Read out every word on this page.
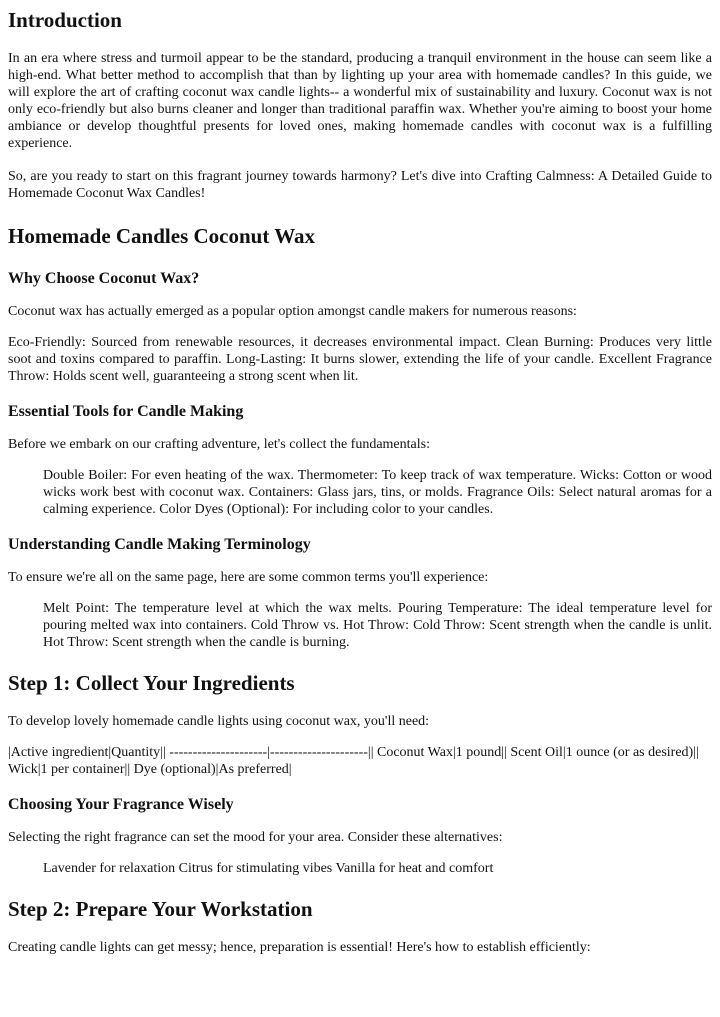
Introduction

In an era where stress and turmoil appear to be the standard, producing a tranquil environment in the house can seem like a high-end. What better method to accomplish that than by lighting up your area with homemade candles? In this guide, we will explore the art of crafting coconut wax candle lights-- a wonderful mix of sustainability and luxury. Coconut wax is not only eco-friendly but also burns cleaner and longer than traditional paraffin wax. Whether you're aiming to boost your home ambiance or develop thoughtful presents for loved ones, making homemade candles with coconut wax is a fulfilling experience.

So, are you ready to start on this fragrant journey towards harmony? Let's dive into Crafting Calmness: A Detailed Guide to Homemade Coconut Wax Candles!

Homemade Candles Coconut Wax
Why Choose Coconut Wax?

Coconut wax has actually emerged as a popular option amongst candle makers for numerous reasons:

Eco-Friendly: Sourced from renewable resources, it decreases environmental impact. Clean Burning: Produces very little soot and toxins compared to paraffin. Long-Lasting: It burns slower, extending the life of your candle. Excellent Fragrance Throw: Holds scent well, guaranteeing a strong scent when lit.

Essential Tools for Candle Making

Before we embark on our crafting adventure, let's collect the fundamentals:

Double Boiler: For even heating of the wax. Thermometer: To keep track of wax temperature. Wicks: Cotton or wood wicks work best with coconut wax. Containers: Glass jars, tins, or molds. Fragrance Oils: Select natural aromas for a calming experience. Color Dyes (Optional): For including color to your candles.

Understanding Candle Making Terminology

To ensure we're all on the same page, here are some common terms you'll experience:

Melt Point: The temperature level at which the wax melts. Pouring Temperature: The ideal temperature level for pouring melted wax into containers. Cold Throw vs. Hot Throw: Cold Throw: Scent strength when the candle is unlit. Hot Throw: Scent strength when the candle is burning.

Step 1: Collect Your Ingredients

To develop lovely homemade candle lights using coconut wax, you'll need:

|Active ingredient|Quantity|| ---------------------|---------------------|| Coconut Wax|1 pound|| Scent Oil|1 ounce (or as desired)|| Wick|1 per container|| Dye (optional)|As preferred|

Choosing Your Fragrance Wisely

Selecting the right fragrance can set the mood for your area. Consider these alternatives:

Lavender for relaxation Citrus for stimulating vibes Vanilla for heat and comfort

Step 2: Prepare Your Workstation

Creating candle lights can get messy; hence, preparation is essential! Here's how to establish efficiently:
